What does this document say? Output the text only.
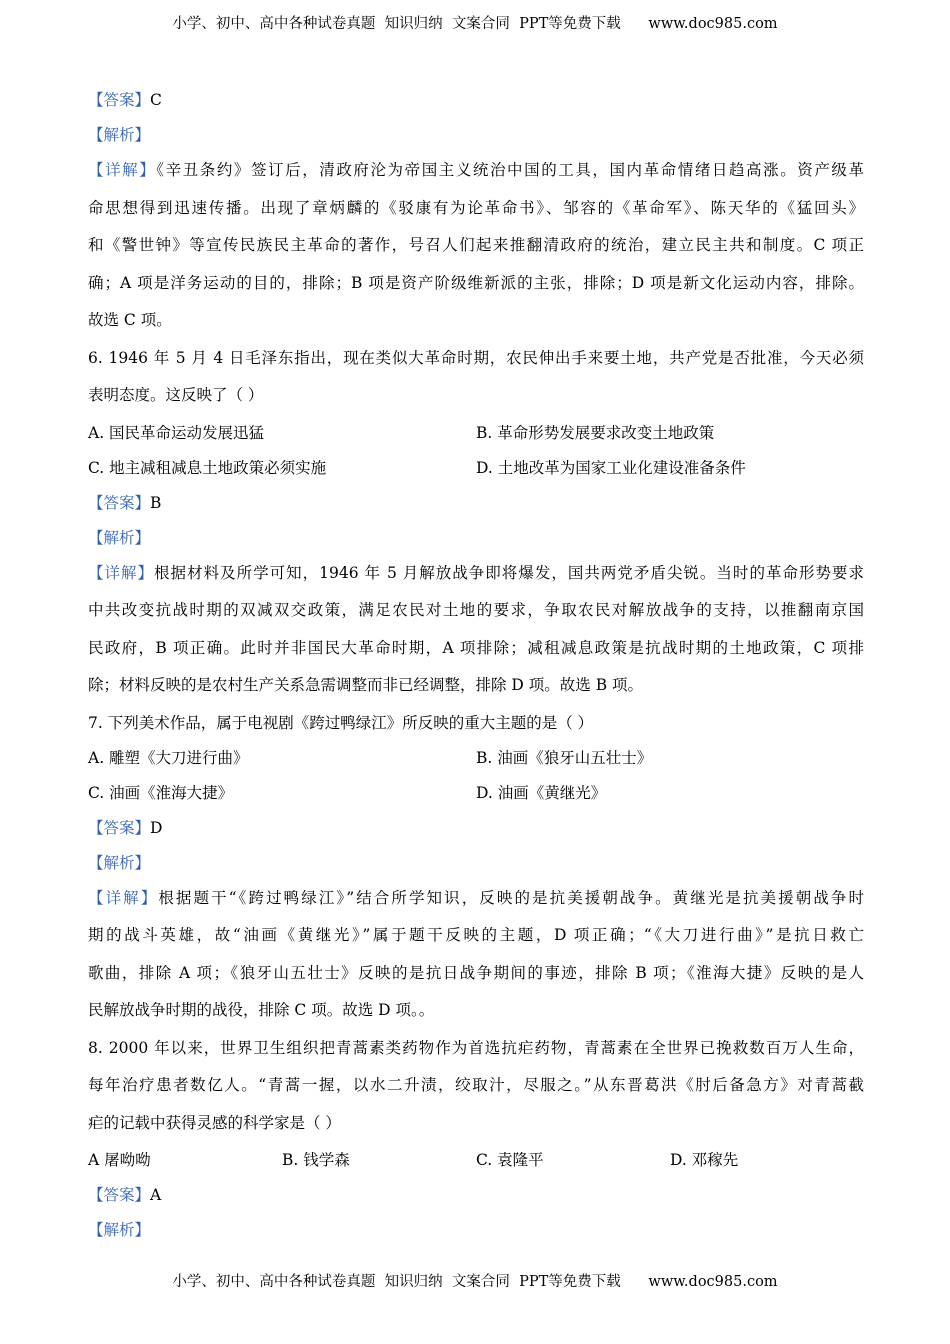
小学、初中、高中各种试卷真题  知识归纳  文案合同  PPT等免费下载      www.doc985.com
【答案】C
【解析】
【详解】《辛丑条约》签订后，清政府沦为帝国主义统治中国的工具，国内革命情绪日趋高涨。资产级革
命思想得到迅速传播。出现了章炳麟的《驳康有为论革命书》、邹容的《革命军》、陈天华的《猛回头》
和《警世钟》等宣传民族民主革命的著作，号召人们起来推翻清政府的统治，建立民主共和制度。C 项正
确；A 项是洋务运动的目的，排除；B 项是资产阶级维新派的主张，排除；D 项是新文化运动内容，排除。
故选 C 项。
6. 1946 年 5 月 4 日毛泽东指出，现在类似大革命时期，农民伸出手来要土地，共产党是否批准，今天必须
表明态度。这反映了（ ）
A. 国民革命运动发展迅猛	B. 革命形势发展要求改变土地政策
C. 地主减租减息土地政策必须实施	D. 土地改革为国家工业化建设准备条件
【答案】B
【解析】
【详解】根据材料及所学可知，1946 年 5 月解放战争即将爆发，国共两党矛盾尖锐。当时的革命形势要求
中共改变抗战时期的双减双交政策，满足农民对土地的要求，争取农民对解放战争的支持，以推翻南京国
民政府，B 项正确。此时并非国民大革命时期，A 项排除；减租减息政策是抗战时期的土地政策，C 项排
除；材料反映的是农村生产关系急需调整而非已经调整，排除 D 项。故选 B 项。
7. 下列美术作品，属于电视剧《跨过鸭绿江》所反映的重大主题的是（ ）
A. 雕塑《大刀进行曲》	B. 油画《狼牙山五壮士》
C. 油画《淮海大捷》	D. 油画《黄继光》
【答案】D
【解析】
【详解】根据题干“《跨过鸭绿江》”结合所学知识，反映的是抗美援朝战争。黄继光是抗美援朝战争时
期的战斗英雄，故“油画《黄继光》”属于题干反映的主题，D 项正确；“《大刀进行曲》”是抗日救亡
歌曲，排除 A 项；《狼牙山五壮士》反映的是抗日战争期间的事迹，排除 B 项；《淮海大捷》反映的是人
民解放战争时期的战役，排除 C 项。故选 D 项。。
8. 2000 年以来，世界卫生组织把青蒿素类药物作为首选抗疟药物，青蒿素在全世界已挽救数百万人生命，
每年治疗患者数亿人。“青蒿一握，以水二升渍，绞取汁，尽服之。”从东晋葛洪《肘后备急方》对青蒿截
疟的记载中获得灵感的科学家是（ ）
A 屠呦呦	B. 钱学森	C. 袁隆平	D. 邓稼先
【答案】A
【解析】
小学、初中、高中各种试卷真题  知识归纳  文案合同  PPT等免费下载      www.doc985.com
